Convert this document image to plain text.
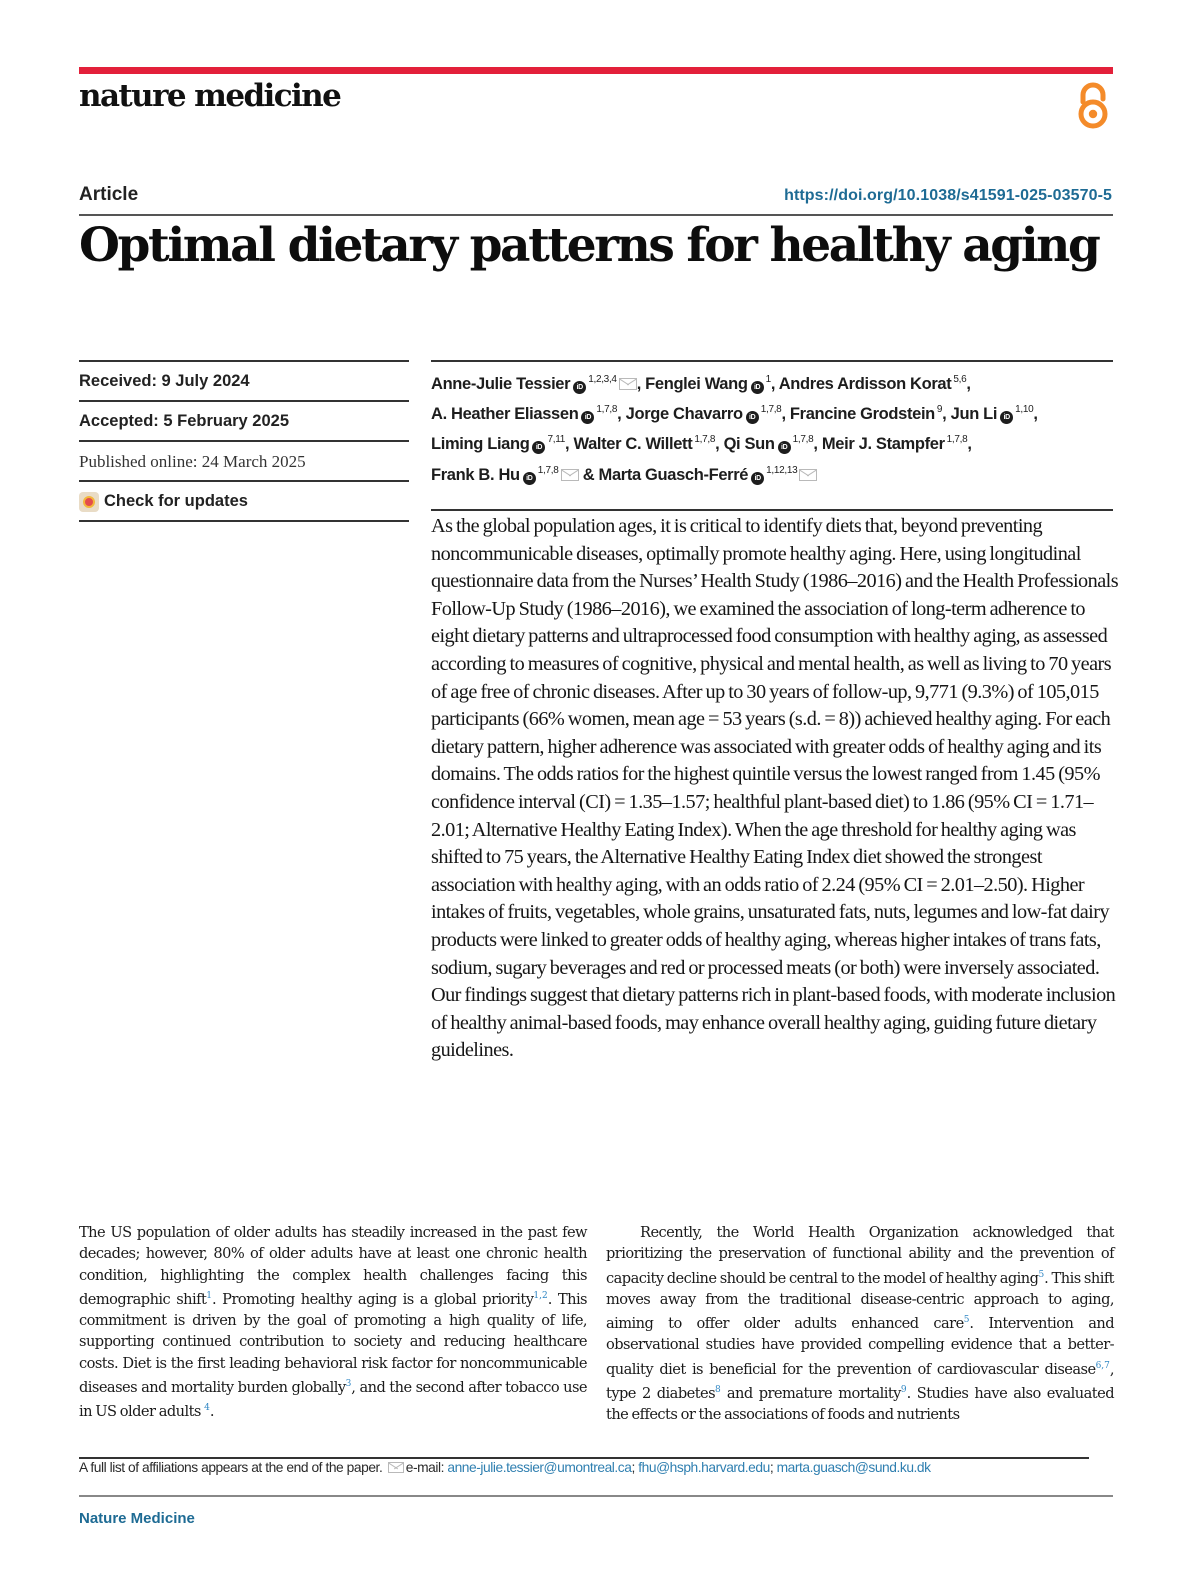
nature medicine
Article	https://doi.org/10.1038/s41591-025-03570-5
Optimal dietary patterns for healthy aging
Received: 9 July 2024
Accepted: 5 February 2025
Published online: 24 March 2025
Check for updates
Anne-Julie Tessier iD$^{1,2,3,4}$ , Fenglei Wang iD$^1$, Andres Ardisson Korat $^{5,6}$, A. Heather Eliassen iD$^{1,7,8}$, Jorge Chavarro iD$^{1,7,8}$, Francine Grodstein $^9$, Jun Li iD$^{1,10}$, Liming Liang iD$^{7,11}$, Walter C. Willett $^{1,7,8}$, Qi Sun iD$^{1,7,8}$, Meir J. Stampfer $^{1,7,8}$, Frank B. Hu iD$^{1,7,8}$ & Marta Guasch-Ferré iD$^{1,12,13}$

As the global population ages, it is critical to identify diets that, beyond preventing noncommunicable diseases, optimally promote healthy aging. Here, using longitudinal questionnaire data from the Nurses’ Health Study (1986–2016) and the Health Professionals Follow-Up Study (1986–2016), we examined the association of long-term adherence to eight dietary patterns and ultraprocessed food consumption with healthy aging, as assessed according to measures of cognitive, physical and mental health, as well as living to 70 years of age free of chronic diseases. After up to 30 years of follow-up, 9,771 (9.3%) of 105,015 participants (66% women, mean age = 53 years (s.d. = 8)) achieved healthy aging. For each dietary pattern, higher adherence was associated with greater odds of healthy aging and its domains. The odds ratios for the highest quintile versus the lowest ranged from 1.45 (95% confidence interval (CI) = 1.35–1.57; healthful plant-based diet) to 1.86 (95% CI = 1.71–2.01; Alternative Healthy Eating Index). When the age threshold for healthy aging was shifted to 75 years, the Alternative Healthy Eating Index diet showed the strongest association with healthy aging, with an odds ratio of 2.24 (95% CI = 2.01–2.50). Higher intakes of fruits, vegetables, whole grains, unsaturated fats, nuts, legumes and low-fat dairy products were linked to greater odds of healthy aging, whereas higher intakes of trans fats, sodium, sugary beverages and red or processed meats (or both) were inversely associated. Our findings suggest that dietary patterns rich in plant-based foods, with moderate inclusion of healthy animal-based foods, may enhance overall healthy aging, guiding future dietary guidelines.

The US population of older adults has steadily increased in the past few decades; however, 80% of older adults have at least one chronic health condition, highlighting the complex health challenges facing this demographic shift$^1$. Promoting healthy aging is a global priority$^{1,2}$. This commitment is driven by the goal of promoting a high quality of life, supporting continued contribution to society and reducing healthcare costs. Diet is the first leading behavioral risk factor for noncommunicable diseases and mortality burden globally$^3$, and the second after tobacco use in US older adults $^4$.
Recently, the World Health Organization acknowledged that prioritizing the preservation of functional ability and the prevention of capacity decline should be central to the model of healthy aging$^5$. This shift moves away from the traditional disease-centric approach to aging, aiming to offer older adults enhanced care$^5$. Intervention and observational studies have provided compelling evidence that a better-quality diet is beneficial for the prevention of cardiovascular disease$^{6,7}$, type 2 diabetes$^8$ and premature mortality$^9$. Studies have also evaluated the effects or the associations of foods and nutrients
A full list of affiliations appears at the end of the paper. e-mail: anne-julie.tessier@umontreal.ca; fhu@hsph.harvard.edu; marta.guasch@sund.ku.dk
Nature Medicine
